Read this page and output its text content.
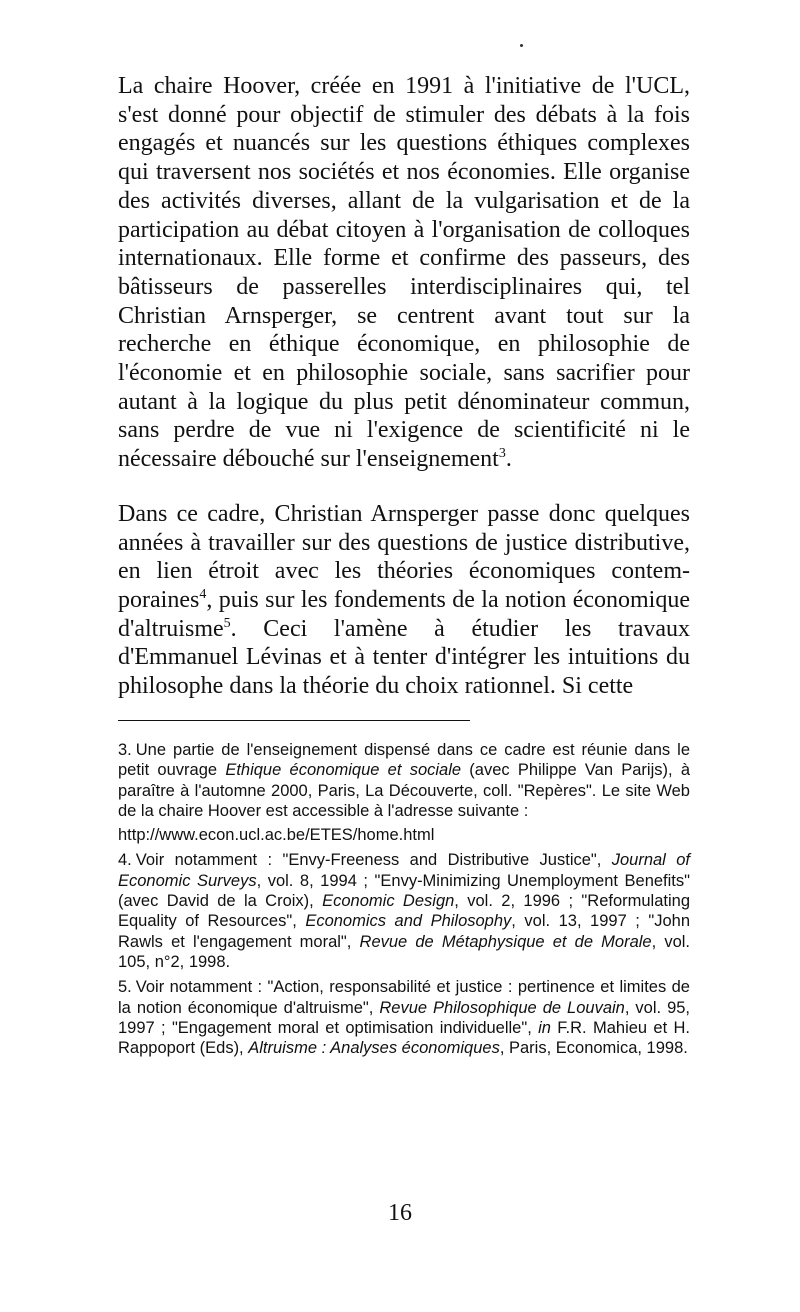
La chaire Hoover, créée en 1991 à l'initiative de l'UCL, s'est donné pour objectif de stimuler des débats à la fois engagés et nuancés sur les questions éthiques complexes qui traversent nos sociétés et nos économies. Elle organise des activités diverses, allant de la vulgarisation et de la participation au débat citoyen à l'organisation de colloques internationaux. Elle forme et confirme des passeurs, des bâtisseurs de passerelles interdisciplinaires qui, tel Christian Arnsperger, se centrent avant tout sur la recherche en éthique économique, en philosophie de l'économie et en philosophie sociale, sans sacrifier pour autant à la logique du plus petit dénominateur commun, sans perdre de vue ni l'exigence de scientificité ni le nécessaire débouché sur l'enseignement$^3$.

Dans ce cadre, Christian Arnsperger passe donc quelques années à travailler sur des questions de justice distributive, en lien étroit avec les théories économiques contemporaines$^4$, puis sur les fondements de la notion économique d'altruisme$^5$. Ceci l'amène à étudier les travaux d'Emmanuel Lévinas et à tenter d'intégrer les intuitions du philosophe dans la théorie du choix rationnel. Si cette

3. Une partie de l'enseignement dispensé dans ce cadre est réunie dans le petit ouvrage Ethique économique et sociale (avec Philippe Van Parijs), à paraître à l'automne 2000, Paris, La Découverte, coll. "Repères". Le site Web de la chaire Hoover est accessible à l'adresse suivante :
http://www.econ.ucl.ac.be/ETES/home.html

4. Voir notamment : "Envy-Freeness and Distributive Justice", Journal of Economic Surveys, vol. 8, 1994 ; "Envy-Minimizing Unemployment Benefits" (avec David de la Croix), Economic Design, vol. 2, 1996 ; "Reformulating Equality of Resources", Economics and Philosophy, vol. 13, 1997 ; "John Rawls et l'engagement moral", Revue de Métaphysique et de Morale, vol. 105, n°2, 1998.

5. Voir notamment : "Action, responsabilité et justice : pertinence et limites de la notion économique d'altruisme", Revue Philosophique de Louvain, vol. 95, 1997 ; "Engagement moral et optimisation individuelle", in F.R. Mahieu et H. Rappoport (Eds), Altruisme : Analyses économiques, Paris, Economica, 1998.

16
